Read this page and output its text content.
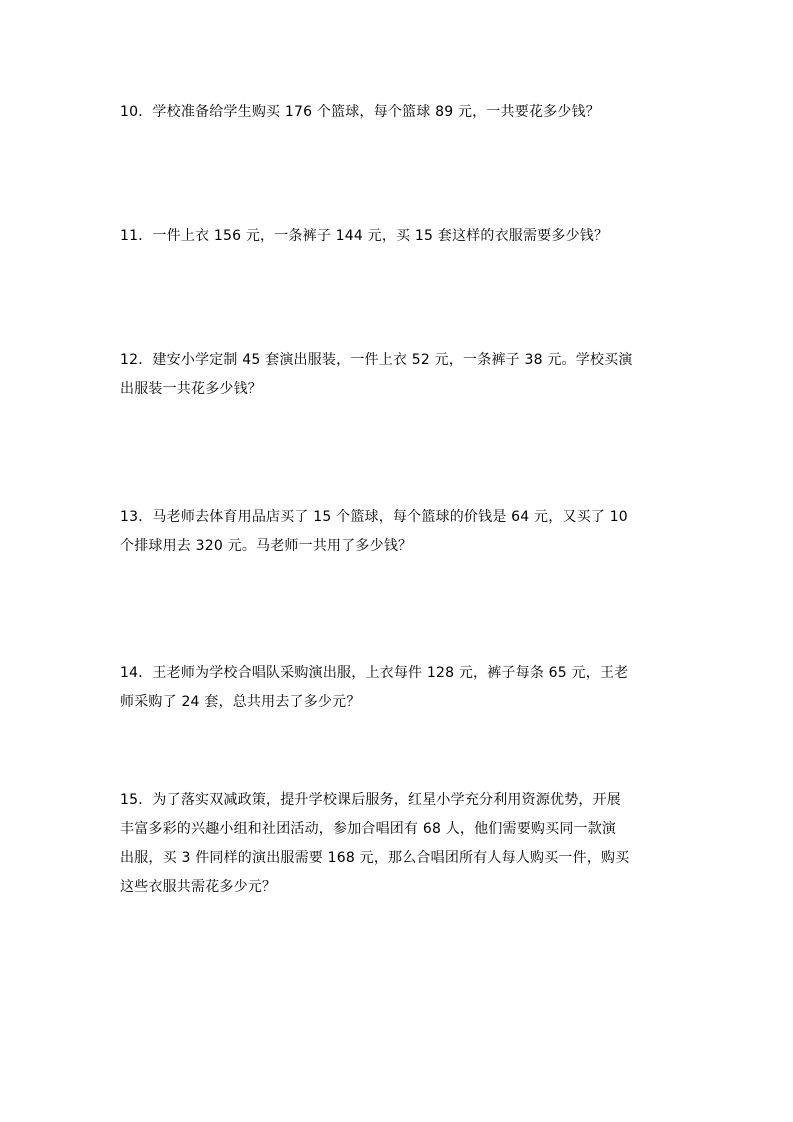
10．学校准备给学生购买 176 个篮球，每个篮球 89 元，一共要花多少钱？
11．一件上衣 156 元，一条裤子 144 元，买 15 套这样的衣服需要多少钱？
12．建安小学定制 45 套演出服装，一件上衣 52 元，一条裤子 38 元。学校买演
出服装一共花多少钱？
13．马老师去体育用品店买了 15 个篮球，每个篮球的价钱是 64 元，又买了 10
个排球用去 320 元。马老师一共用了多少钱？
14．王老师为学校合唱队采购演出服，上衣每件 128 元，裤子每条 65 元，王老
师采购了 24 套，总共用去了多少元？
15．为了落实双减政策，提升学校课后服务，红星小学充分利用资源优势，开展
丰富多彩的兴趣小组和社团活动，参加合唱团有 68 人，他们需要购买同一款演
出服，买 3 件同样的演出服需要 168 元，那么合唱团所有人每人购买一件，购买
这些衣服共需花多少元？
